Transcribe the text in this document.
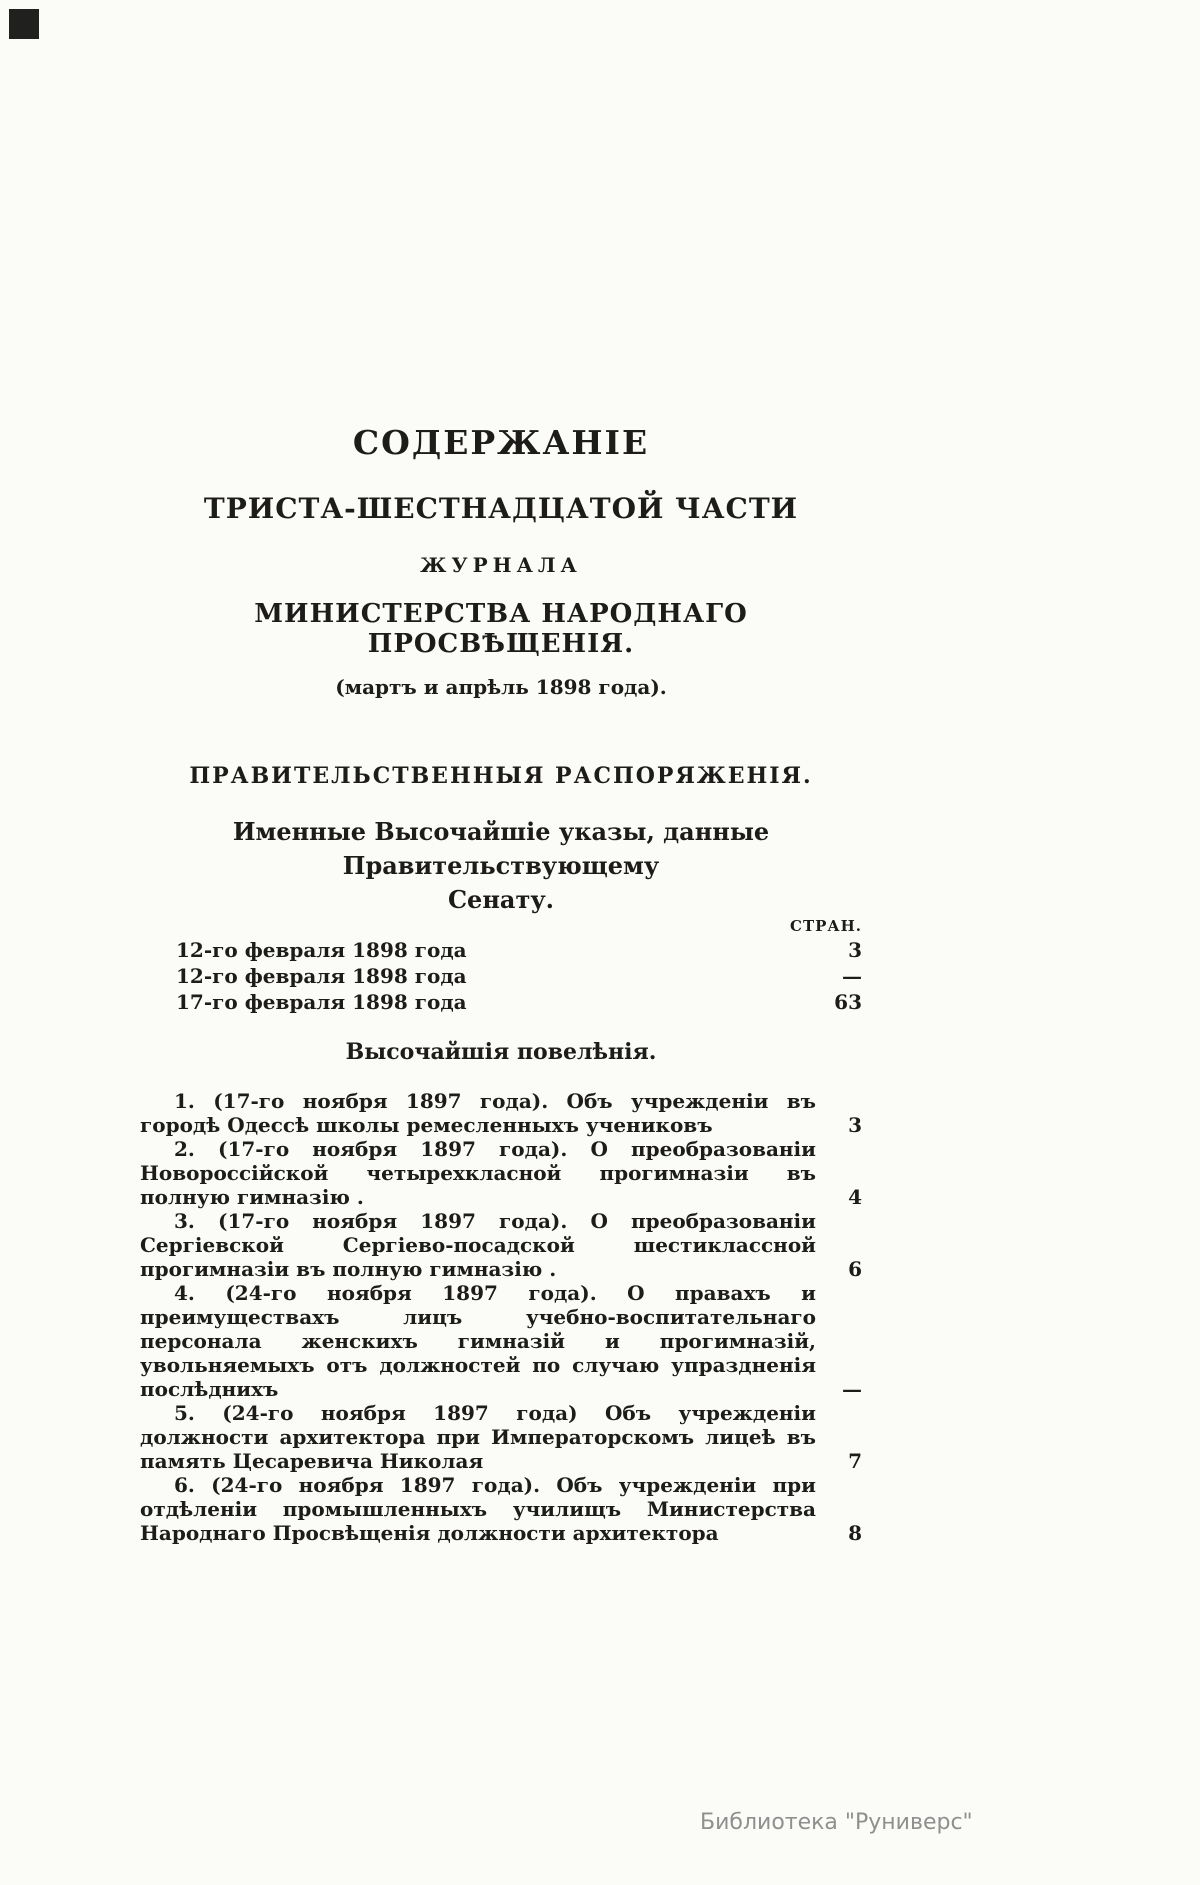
СОДЕРЖАНІЕ
ТРИСТА-ШЕСТНАДЦАТОЙ ЧАСТИ
ЖУРНАЛА
МИНИСТЕРСТВА НАРОДНАГО ПРОСВѢЩЕНІЯ.
(мартъ и апрѣль 1898 года).
ПРАВИТЕЛЬСТВЕННЫЯ РАСПОРЯЖЕНІЯ.
Именные Высочайшіе указы, данные Правительствующему
Сенату.
СТРАН.
12-го февраля 1898 года	3
12-го февраля 1898 года	—
17-го февраля 1898 года	63
Высочайшія повелѣнія.
1. (17-го ноября 1897 года). Объ учрежденіи въ городѣ Одессѣ школы ремесленныхъ учениковъ	3
2. (17-го ноября 1897 года). О преобразованіи Новороссійской четырехкласной прогимназіи въ полную гимназію .	4
3. (17-го ноября 1897 года). О преобразованіи Сергіевской Сергіево-посадской шестиклассной прогимназіи въ полную гимназію .	6
4. (24-го ноября 1897 года). О правахъ и преимуществахъ лицъ учебно-воспитательнаго персонала женскихъ гимназій и прогимназій, увольняемыхъ отъ должностей по случаю упраздненія послѣднихъ	—
5. (24-го ноября 1897 года) Объ учрежденіи должности архитектора при Императорскомъ лицеѣ въ память Цесаревича Николая	7
6. (24-го ноября 1897 года). Объ учрежденіи при отдѣленіи промышленныхъ училищъ Министерства Народнаго Просвѣщенія должности архитектора	8
Библиотека "Руниверс"
